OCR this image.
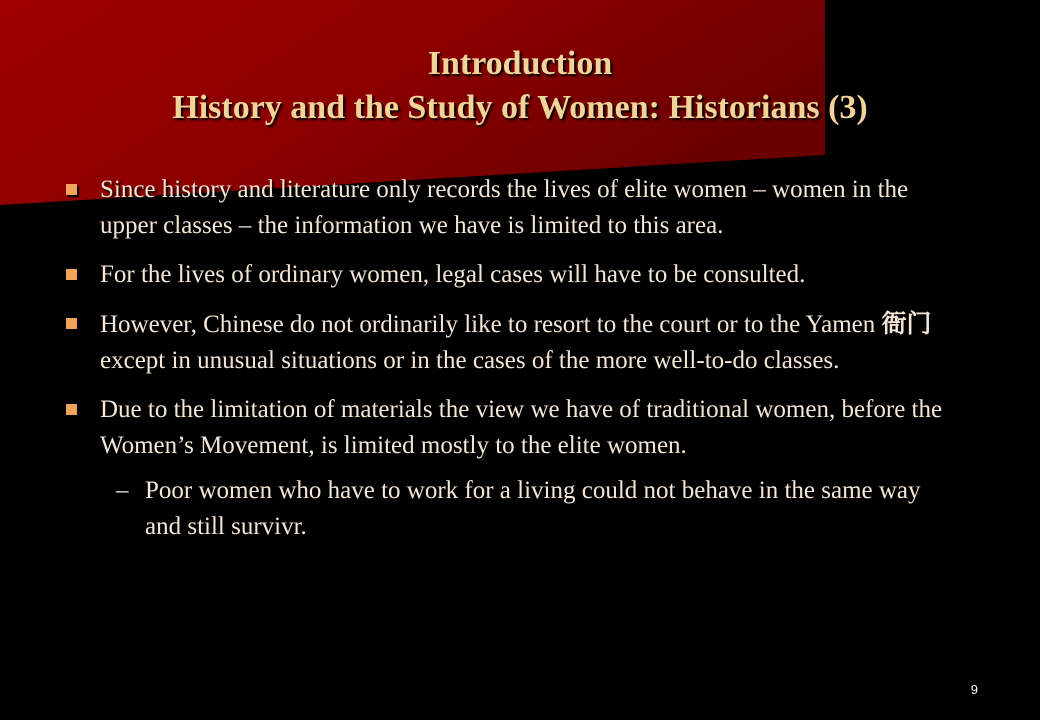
Introduction
History and the Study of Women: Historians (3)
Since history and literature only records the lives of elite women – women in the upper classes – the information we have is limited to this area.
For the lives of ordinary women, legal cases will have to be consulted.
However, Chinese do not ordinarily like to resort to the court or to the Yamen 衙门 except in unusual situations or in the cases of the more well-to-do classes.
Due to the limitation of materials the view we have of traditional women, before the Women’s Movement, is limited mostly to the elite women.
– Poor women who have to work for a living could not behave in the same way and still survivr.
9
